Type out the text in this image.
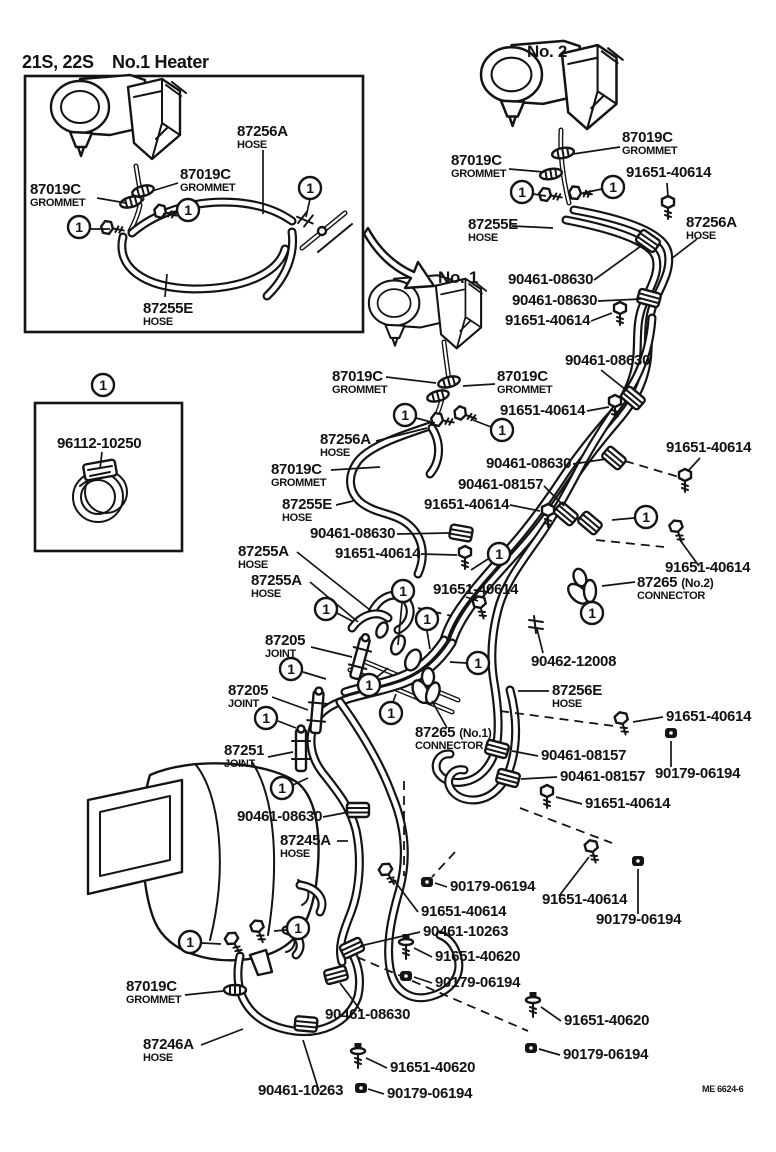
1
1
1	1	1
1
1
1
1
1
1
1
1
1
1
1
1
1
1
1
1
1
21S, 22S No.1 Heater
No. 2
No. 1
87256A
HOSE
87019C
GROMMET
87019C
GROMMET
87255E
HOSE
87019C
GROMMET
87019C
GROMMET	91651-40614
87255E
HOSE
87256A
HOSE
90461-08630
90461-08630
91651-40614
87019C
GROMMET
87019C
GROMMET
90461-08630
91651-40614
87256A
HOSE
87019C
GROMMET
87255E
HOSE
90461-08630
90461-08630
90461-08157
91651-40614
91651-40614
91651-40614
87265 (No.2)
CONNECTOR
87255A
HOSE
91651-40614
87255A
HOSE	91651-40614
87205
JOINT
87205
JOINT
87251
JOINT
87265 (No.1)
CONNECTOR
90462-12008
87256E
HOSE
91651-40614
90461-08157
90461-08157 90179-06194
91651-40614
90461-08630
87245A
HOSE
90179-06194
91651-40614
90461-10263
91651-40620
90179-06194
91651-40614
90179-06194
91651-40620
90179-06194
87019C
GROMMET
87246A
HOSE
90461-08630
90461-10263
91651-40620
90179-06194
96112-10250
ME 6624-6
